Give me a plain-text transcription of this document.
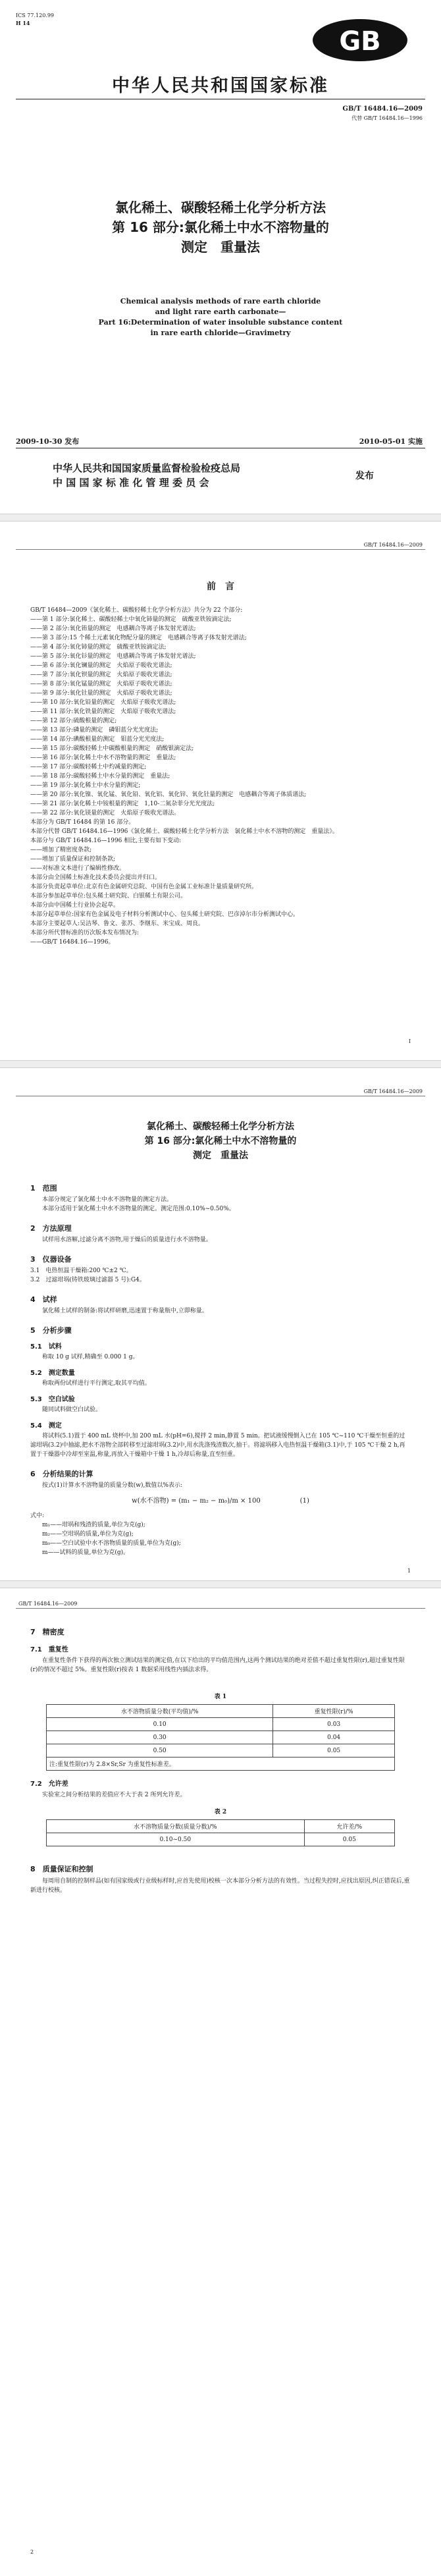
ICS 77.120.99
H 14
GB
中华人民共和国国家标准
GB/T 16484.16—2009
代替 GB/T 16484.16—1996
氯化稀土、碳酸轻稀土化学分析方法
第 16 部分:氯化稀土中水不溶物量的
测定　重量法
Chemical analysis methods of rare earth chloride
and light rare earth carbonate—
Part 16:Determination of water insoluble substance content
in rare earth chloride—Gravimetry
2009-10-30 发布	2010-05-01 实施
中华人民共和国国家质量监督检验检疫总局
中 国 国 家 标 准 化 管 理 委 员 会
发布
GB/T 16484.16—2009
前　言
GB/T 16484—2009《氯化稀土、碳酸轻稀土化学分析方法》共分为 22 个部分:
——第 1 部分:氯化稀土、碳酸轻稀土中氧化铈量的测定　硫酸亚铁铵滴定法;
——第 2 部分:氧化铕量的测定　电感耦合等离子体发射光谱法;
——第 3 部分:15 个稀土元素氧化物配分量的测定　电感耦合等离子体发射光谱法;
——第 4 部分:氧化铈量的测定　硫酸亚铁铵滴定法;
——第 5 部分:氧化钐量的测定　电感耦合等离子体发射光谱法;
——第 6 部分:氧化镧量的测定　火焰原子吸收光谱法;
——第 7 部分:氧化钡量的测定　火焰原子吸收光谱法;
——第 8 部分:氧化锰量的测定　火焰原子吸收光谱法;
——第 9 部分:氧化钍量的测定　火焰原子吸收光谱法;
——第 10 部分:氧化铅量的测定　火焰原子吸收光谱法;
——第 11 部分:氧化铁量的测定　火焰原子吸收光谱法;
——第 12 部分:硫酸根量的测定;
——第 13 部分:磷量的测定　磷钼蓝分光光度法;
——第 14 部分:碘酸根量的测定　钼蓝分光光度法;
——第 15 部分:碳酸轻稀土中碳酸根量的测定　硝酸银滴定法;
——第 16 部分:氯化稀土中水不溶物量的测定　重量法;
——第 17 部分:碳酸轻稀土中灼减量的测定;
——第 18 部分:碳酸轻稀土中水分量的测定　重量法;
——第 19 部分:氯化稀土中水分量的测定;
——第 20 部分:氧化镍、氧化锰、氧化铅、氧化铝、氧化锌、氧化钍量的测定　电感耦合等离子体质谱法;
——第 21 部分:氯化稀土中铵根量的测定　1,10-二氮杂菲分光光度法;
——第 22 部分:氧化镁量的测定　火焰原子吸收光谱法。
本部分为 GB/T 16484 的第 16 部分。
本部分代替 GB/T 16484.16—1996《氯化稀土、碳酸轻稀土化学分析方法　氯化稀土中水不溶物的测定　重量法》。
本部分与 GB/T 16484.16—1996 相比,主要有如下变动:
——增加了精密度条款;
——增加了质量保证和控制条款;
——对标准文本进行了编辑性修改。
本部分由全国稀土标准化技术委员会提出并归口。
本部分负责起草单位:北京有色金属研究总院、中国有色金属工业标准计量质量研究所。
本部分参加起草单位:包头稀土研究院、白银稀土有限公司。
本部分由中国稀土行业协会起草。
本部分起草单位:国家有色金属及电子材料分析测试中心、包头稀土研究院、巴彦淖尔市分析测试中心。
本部分主要起草人:吴洁琴、鲁文、张苏、李继东、米宝成、周良。
本部分所代替标准的历次版本发布情况为:
——GB/T 16484.16—1996。
I
GB/T 16484.16—2009
氯化稀土、碳酸轻稀土化学分析方法
第 16 部分:氯化稀土中水不溶物量的
测定　重量法
1　范围
本部分规定了氯化稀土中水不溶物量的测定方法。
本部分适用于氯化稀土中水不溶物量的测定。测定范围:0.10%~0.50%。
2　方法原理
试样用水溶解,过滤分离不溶物,用于燥后的质量进行水不溶物量。
3　仪器设备
3.1　电热恒温干燥箱:200 ℃±2 ℃。
3.2　过滤坩埚(铸铁玻璃过滤器 5 号):G4。
4　试样
氯化稀土试样的制备:将试样研磨,迅速置于称量瓶中,立即称量。
5　分析步骤
5.1　试料
称取 10 g 试样,精确至 0.000 1 g。
5.2　测定数量
称取两份试样进行平行测定,取其平均值。
5.3　空白试验
随同试料做空白试验。
5.4　测定
将试料(5.1)置于 400 mL 烧杯中,加 200 mL 水(pH=6),搅拌 2 min,静置 5 min。把试液缓慢倒入已在 105 ℃~110 ℃干燥至恒重的过滤坩埚(3.2)中抽滤,把水不溶物全部转移至过滤坩埚(3.2)中,用水洗涤残渣数次,抽干。将滤埚移入电热恒温干燥箱(3.1)中,于 105 ℃干燥 2 h,再置于干燥器中冷却至室温,称量,再放入干燥箱中干燥 1 h,冷却后称量,直至恒重。
6　分析结果的计算
按式(1)计算水不溶物量的质量分数(w),数值以%表示:
w(水不溶物) = (m₁ − m₂ − m₀)/m × 100　　　　　　(1)
式中:
m₁——坩埚和残渣的质量,单位为克(g);
m₂——空坩埚的质量,单位为克(g);
m₀——空白试验中水不溶物质量的质量,单位为克(g);
m——试料的质量,单位为克(g)。
1
GB/T 16484.16—2009
7　精密度
7.1　重复性
在重复性条件下获得的两次独立测试结果的测定值,在以下给出的平均值范围内,这两个测试结果的绝对差值不超过重复性限(r),超过重复性限(r)的情况不超过 5%。重复性限(r)按表 1 数据采用线性内插法求得。
表 1
水不溶物质量分数(平均值)/%	重复性限(r)/%
0.10	0.03
0.30	0.04
0.50	0.05
注:重复性限(r)为 2.8×Sr,Sr 为重复性标准差。	
7.2　允许差
实验室之间分析结果的差值应不大于表 2 所列允许差。
表 2
水不溶物质量分数(质量分数)/%	允许差/%
0.10~0.50	0.05
8　质量保证和控制
每周用自制的控制样品(如有国家级或行业级标样时,应首先使用)校核一次本部分分析方法的有效性。当过程失控时,应找出原因,纠正错误后,重新进行校核。
2
